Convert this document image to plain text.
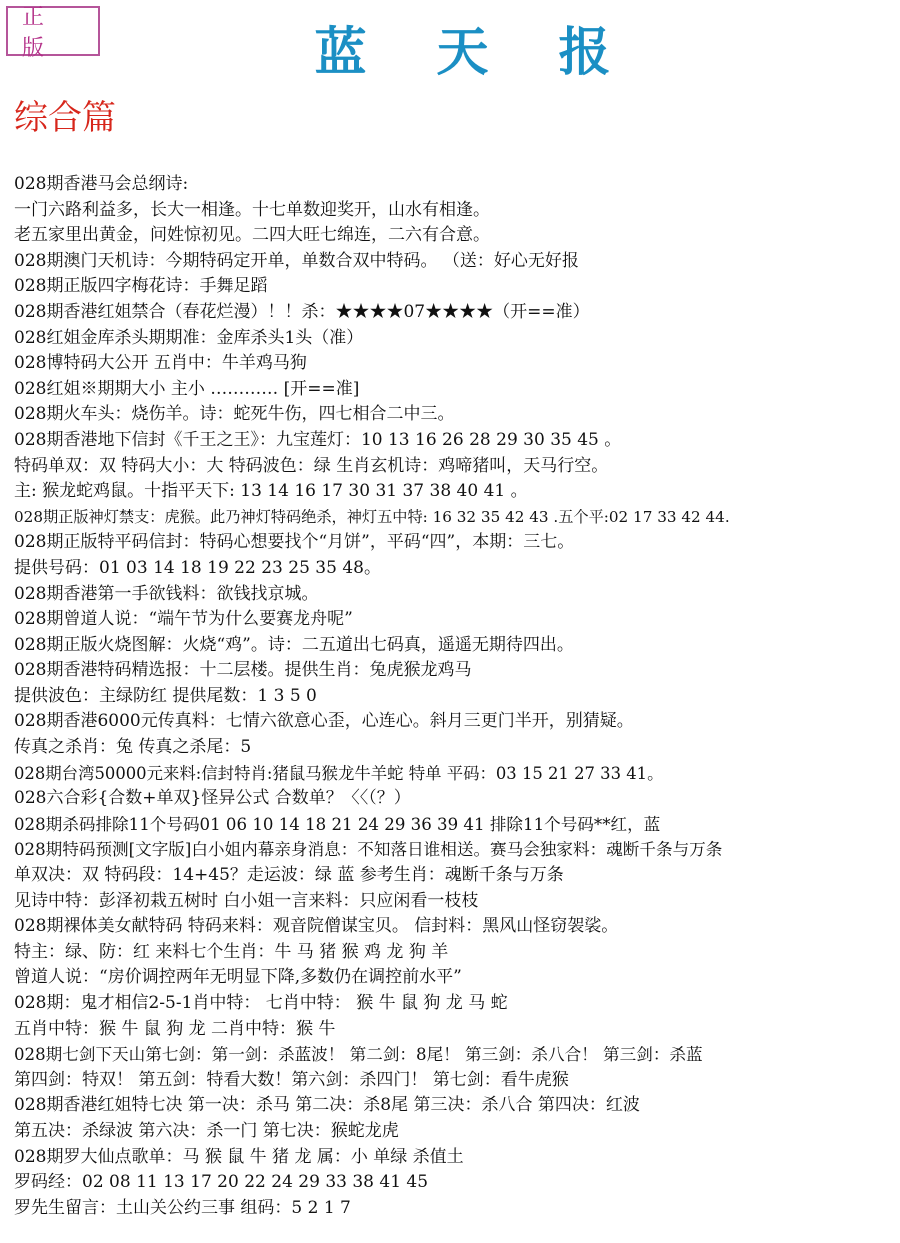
正 版	蓝天报
综合篇
028期香港马会总纲诗:
一门六路利益多，长大一相逢。十七单数迎奖开，山水有相逢。
老五家里出黄金，问姓惊初见。二四大旺七绵连，二六有合意。
028期澳门天机诗：今期特码定开单，单数合双中特码。 （送：好心无好报
028期正版四字梅花诗：手舞足蹈
028期香港红姐禁合（春花烂漫）！！杀：★★★★07★★★★（开==准）
028红姐金库杀头期期准：金库杀头1头（准）
028博特码大公开 五肖中：牛羊鸡马狗
028红姐※期期大小 主小 ………… [开==准]
028期火车头：烧伤羊。诗：蛇死牛伤，四七相合二中三。
028期香港地下信封《千王之王》：九宝莲灯：10 13 16 26 28 29 30 35 45 。
特码单双：双 特码大小：大 特码波色：绿 生肖玄机诗：鸡啼猪叫，天马行空。
主: 猴龙蛇鸡鼠。十指平天下: 13 14 16 17 30 31 37 38 40 41 。
028期正版神灯禁支：虎猴。此乃神灯特码绝杀，神灯五中特: 16 32 35 42 43 .五个平:02 17 33 42 44.
028期正版特平码信封：特码心想要找个“月饼”，平码“四”，本期：三七。
提供号码：01 03 14 18 19 22 23 25 35 48。
028期香港第一手欲钱料：欲钱找京城。
028期曾道人说：“端午节为什么要赛龙舟呢”
028期正版火烧图解：火烧“鸡”。诗：二五道出七码真，遥遥无期待四出。
028期香港特码精选报：十二层楼。提供生肖：兔虎猴龙鸡马
提供波色：主绿防红 提供尾数：1 3 5 0
028期香港6000元传真料：七情六欲意心歪，心连心。斜月三更门半开，别猜疑。
传真之杀肖：兔 传真之杀尾：5
028期台湾50000元来料:信封特肖:猪鼠马猴龙牛羊蛇 特单 平码：03 15 21 27 33 41。
028六合彩{合数+单双}怪异公式 合数单？〈〈（？）
028期杀码排除11个号码01 06 10 14 18 21 24 29 36 39 41 排除11个号码**红，蓝
028期特码预测[文字版]白小姐内幕亲身消息：不知落日谁相送。赛马会独家料：魂断千条与万条
单双决：双 特码段：14+45？走运波：绿 蓝 参考生肖：魂断千条与万条
见诗中特：彭泽初栽五树时 白小姐一言来料：只应闲看一枝枝
028期裸体美女献特码 特码来料：观音院僧谋宝贝。 信封料：黑风山怪窃袈裟。
特主：绿、防：红 来料七个生肖：牛 马 猪 猴 鸡 龙 狗 羊
曾道人说：“房价调控两年无明显下降,多数仍在调控前水平”
028期：鬼才相信2-5-1肖中特： 七肖中特： 猴 牛 鼠 狗 龙 马 蛇
五肖中特：猴 牛 鼠 狗 龙 二肖中特：猴 牛
028期七剑下天山第七剑：第一剑：杀蓝波！ 第二剑：8尾！ 第三剑：杀八合！ 第三剑：杀蓝
第四剑：特双！ 第五剑：特看大数！第六剑：杀四门！ 第七剑：看牛虎猴
028期香港红姐特七决 第一决：杀马 第二决：杀8尾 第三决：杀八合 第四决：红波
第五决：杀绿波 第六决：杀一门 第七决：猴蛇龙虎
028期罗大仙点歌单：马 猴 鼠 牛 猪 龙 属：小 单绿 杀值土
罗码经：02 08 11 13 17 20 22 24 29 33 38 41 45
罗先生留言：土山关公约三事 组码：5 2 1 7
